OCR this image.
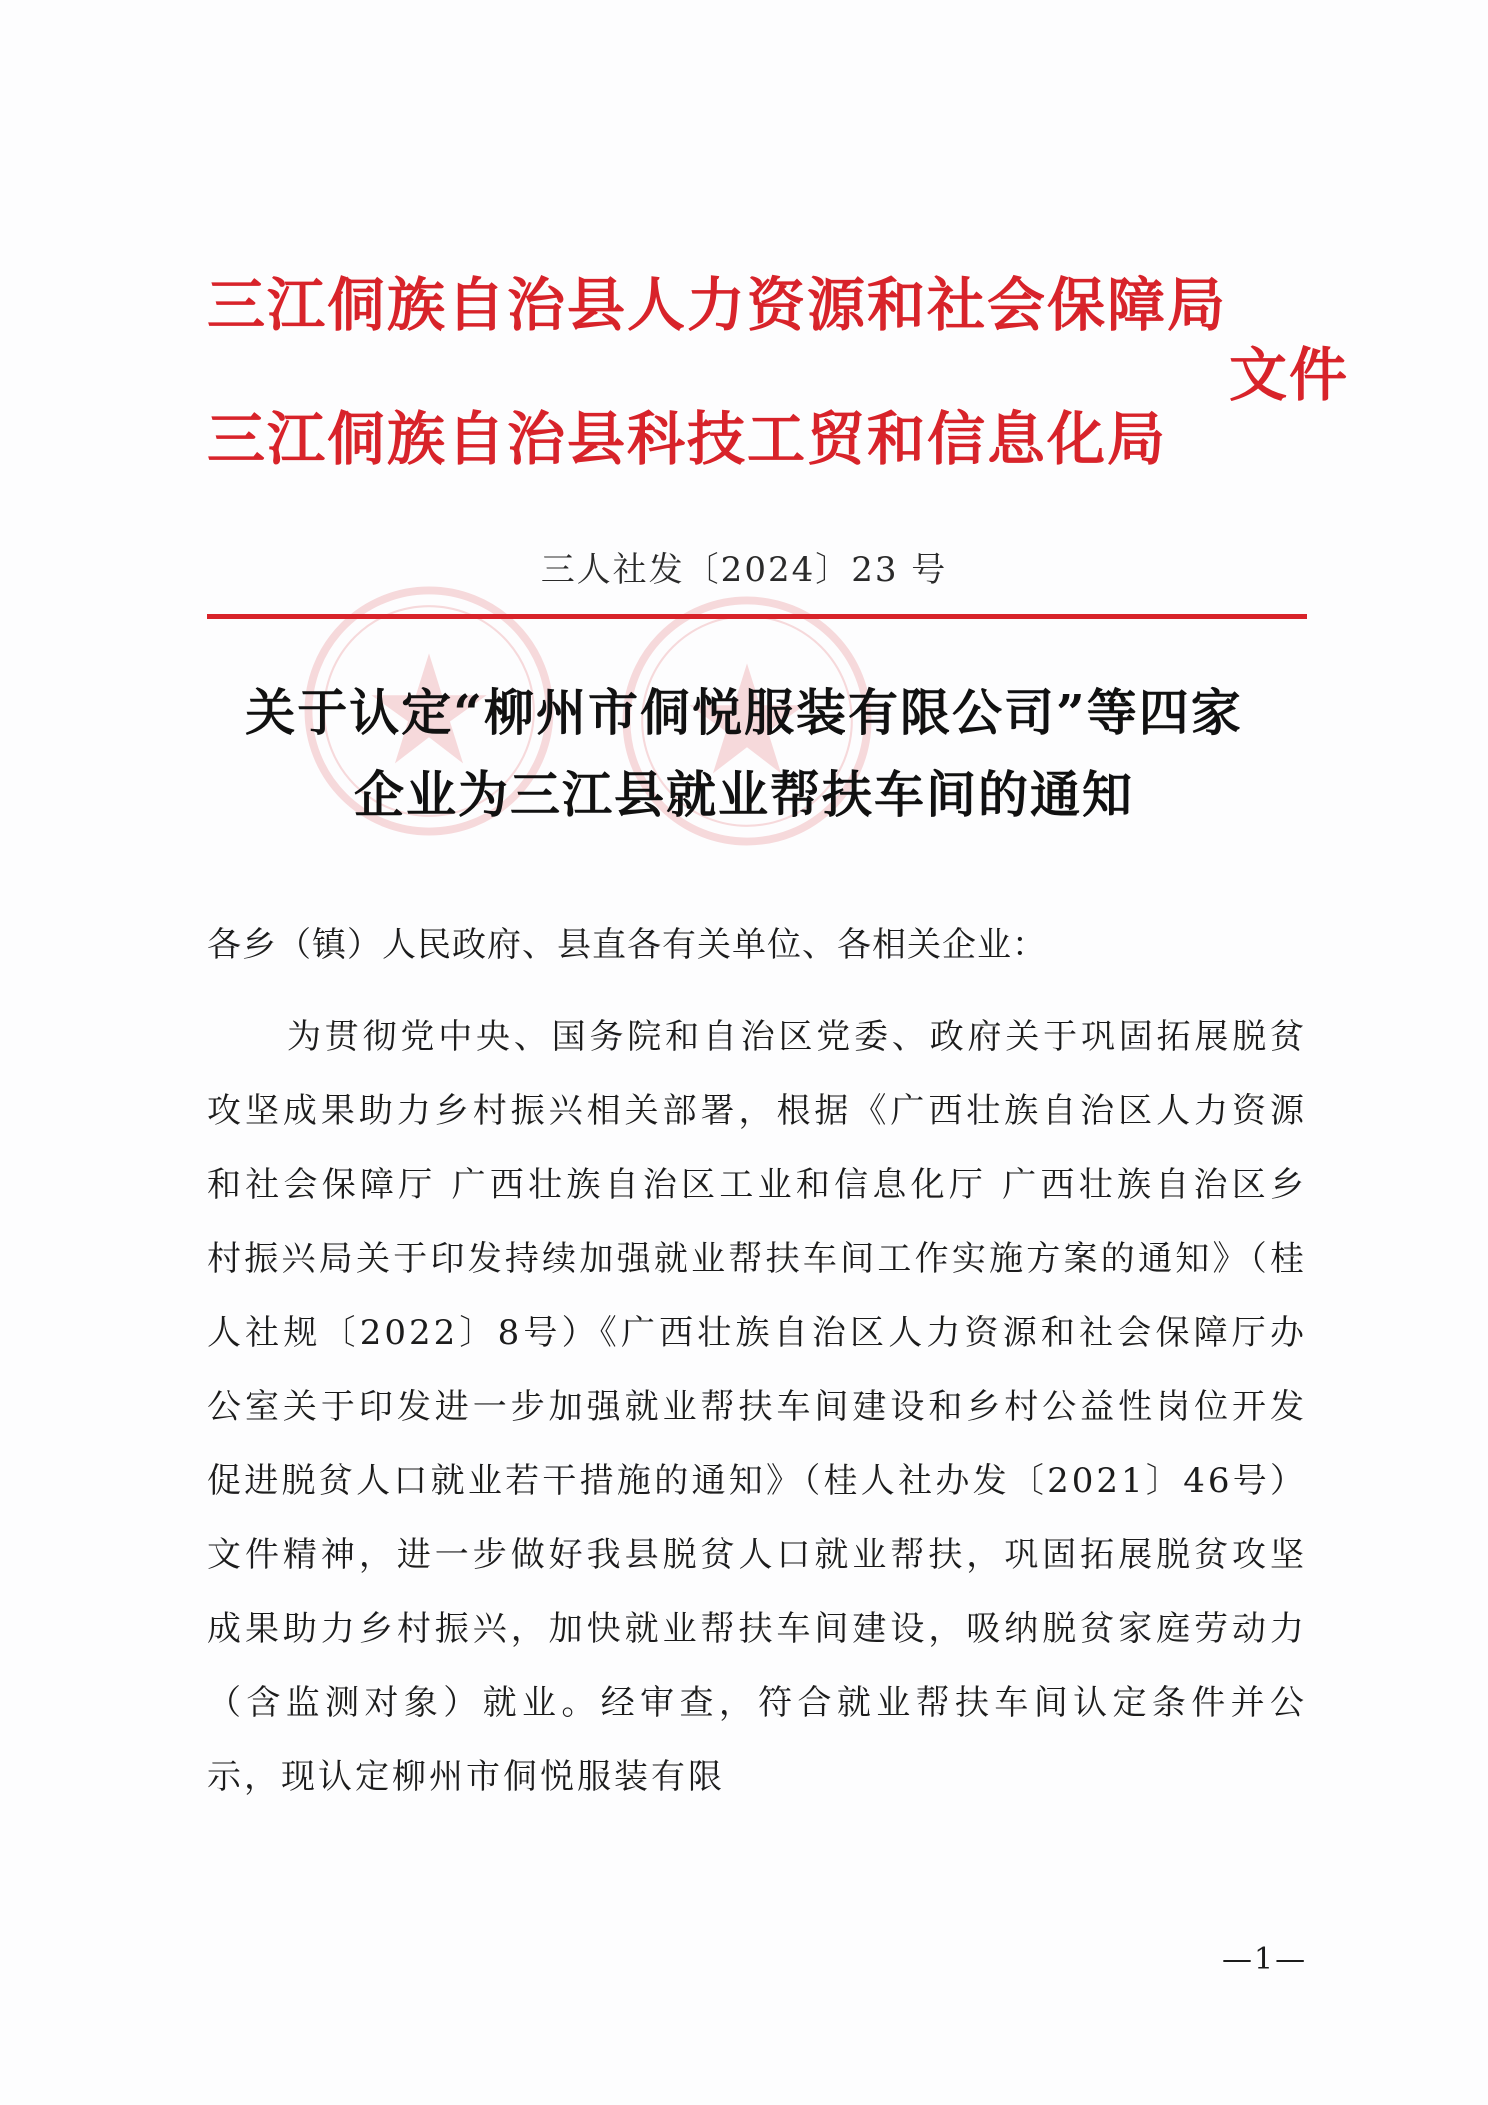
三江侗族自治县人力资源和社会保障局
三江侗族自治县科技工贸和信息化局
文件
三人社发〔2024〕23 号
关于认定“柳州市侗悦服装有限公司”等四家
企业为三江县就业帮扶车间的通知
各乡（镇）人民政府、县直各有关单位、各相关企业：

为贯彻党中央、国务院和自治区党委、政府关于巩固拓展脱贫攻坚成果助力乡村振兴相关部署，根据《广西壮族自治区人力资源和社会保障厅 广西壮族自治区工业和信息化厅 广西壮族自治区乡村振兴局关于印发持续加强就业帮扶车间工作实施方案的通知》（桂人社规〔2022〕8号）《广西壮族自治区人力资源和社会保障厅办公室关于印发进一步加强就业帮扶车间建设和乡村公益性岗位开发促进脱贫人口就业若干措施的通知》（桂人社办发〔2021〕46号）文件精神，进一步做好我县脱贫人口就业帮扶，巩固拓展脱贫攻坚成果助力乡村振兴，加快就业帮扶车间建设，吸纳脱贫家庭劳动力（含监测对象）就业。经审查，符合就业帮扶车间认定条件并公示，现认定柳州市侗悦服装有限

—1—
